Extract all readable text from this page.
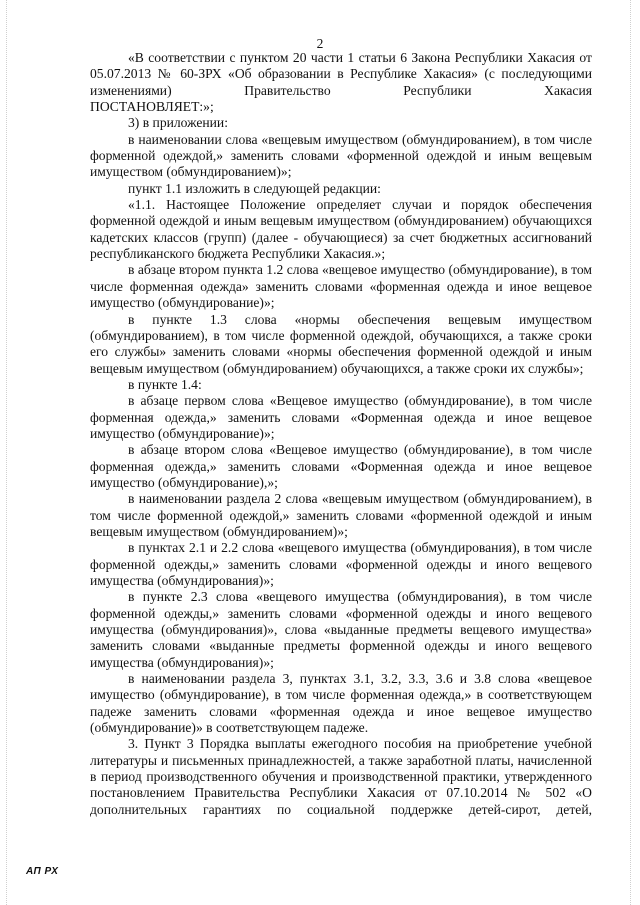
2

«В соответствии с пунктом 20 части 1 статьи 6 Закона Республики Хакасия от 05.07.2013 № 60-ЗРХ «Об образовании в Республике Хакасия» (с последующими изменениями) Правительство Республики Хакасия

ПОСТАНОВЛЯЕТ:»;

3) в приложении:

в наименовании слова «вещевым имуществом (обмундированием), в том числе форменной одеждой,» заменить словами «форменной одеждой и иным вещевым имуществом (обмундированием)»;

пункт 1.1 изложить в следующей редакции:

«1.1. Настоящее Положение определяет случаи и порядок обеспечения форменной одеждой и иным вещевым имуществом (обмундированием) обучающихся кадетских классов (групп) (далее - обучающиеся) за счет бюджетных ассигнований республиканского бюджета Республики Хакасия.»;

в абзаце втором пункта 1.2 слова «вещевое имущество (обмундирование), в том числе форменная одежда» заменить словами «форменная одежда и иное вещевое имущество (обмундирование)»;

в пункте 1.3 слова «нормы обеспечения вещевым имуществом (обмундированием), в том числе форменной одеждой, обучающихся, а также сроки его службы» заменить словами «нормы обеспечения форменной одеждой и иным вещевым имуществом (обмундированием) обучающихся, а также сроки их службы»;

в пункте 1.4:

в абзаце первом слова «Вещевое имущество (обмундирование), в том числе форменная одежда,» заменить словами «Форменная одежда и иное вещевое имущество (обмундирование)»;

в абзаце втором слова «Вещевое имущество (обмундирование), в том числе форменная одежда,» заменить словами «Форменная одежда и иное вещевое имущество (обмундирование),»;

в наименовании раздела 2 слова «вещевым имуществом (обмундированием), в том числе форменной одеждой,» заменить словами «форменной одеждой и иным вещевым имуществом (обмундированием)»;

в пунктах 2.1 и 2.2 слова «вещевого имущества (обмундирования), в том числе форменной одежды,» заменить словами «форменной одежды и иного вещевого имущества (обмундирования)»;

в пункте 2.3 слова «вещевого имущества (обмундирования), в том числе форменной одежды,» заменить словами «форменной одежды и иного вещевого имущества (обмундирования)», слова «выданные предметы вещевого имущества» заменить словами «выданные предметы форменной одежды и иного вещевого имущества (обмундирования)»;

в наименовании раздела 3, пунктах 3.1, 3.2, 3.3, 3.6 и 3.8 слова «вещевое имущество (обмундирование), в том числе форменная одежда,» в соответствующем падеже заменить словами «форменная одежда и иное вещевое имущество (обмундирование)» в соответствующем падеже.

3. Пункт 3 Порядка выплаты ежегодного пособия на приобретение учебной литературы и письменных принадлежностей, а также заработной платы, начисленной в период производственного обучения и производственной практики, утвержденного постановлением Правительства Республики Хакасия от 07.10.2014 № 502 «О дополнительных гарантиях по социальной поддержке детей-сирот, детей,

АП РХ
